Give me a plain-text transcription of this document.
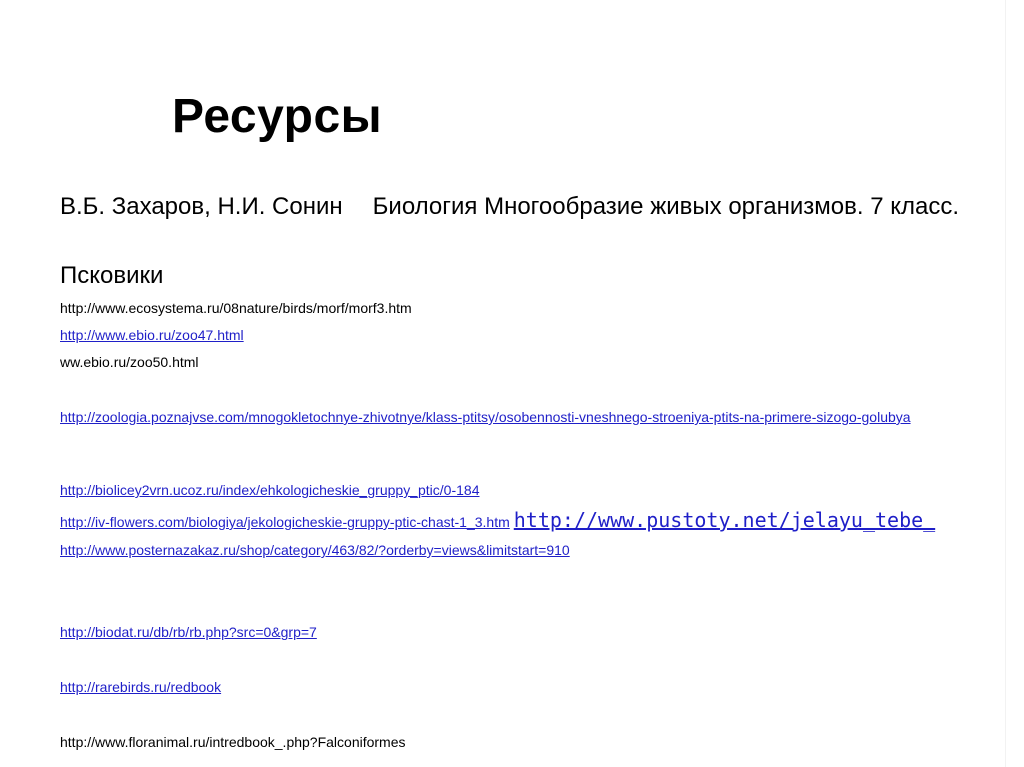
Ресурсы
В.Б. Захаров, Н.И. Сонин Биология Многообразие живых организмов. 7 класс.
Псковики
http://www.ecosystema.ru/08nature/birds/morf/morf3.htm
http://www.ebio.ru/zoo47.html
ww.ebio.ru/zoo50.html
http://zoologia.poznajvse.com/mnogokletochnye-zhivotnye/klass-ptitsy/osobennosti-vneshnego-stroeniya-ptits-na-primere-sizogo-golubya
http://biolicey2vrn.ucoz.ru/index/ehkologicheskie_gruppy_ptic/0-184
http://iv-flowers.com/biologiya/jekologicheskie-gruppy-ptic-chast-1_3.htm http://www.pustoty.net/jelayu_tebe_
http://www.posternazakaz.ru/shop/category/463/82/?orderby=views&limitstart=910
http://biodat.ru/db/rb/rb.php?src=0&grp=7
http://rarebirds.ru/redbook
http://www.floranimal.ru/intredbook_.php?Falconiformes
